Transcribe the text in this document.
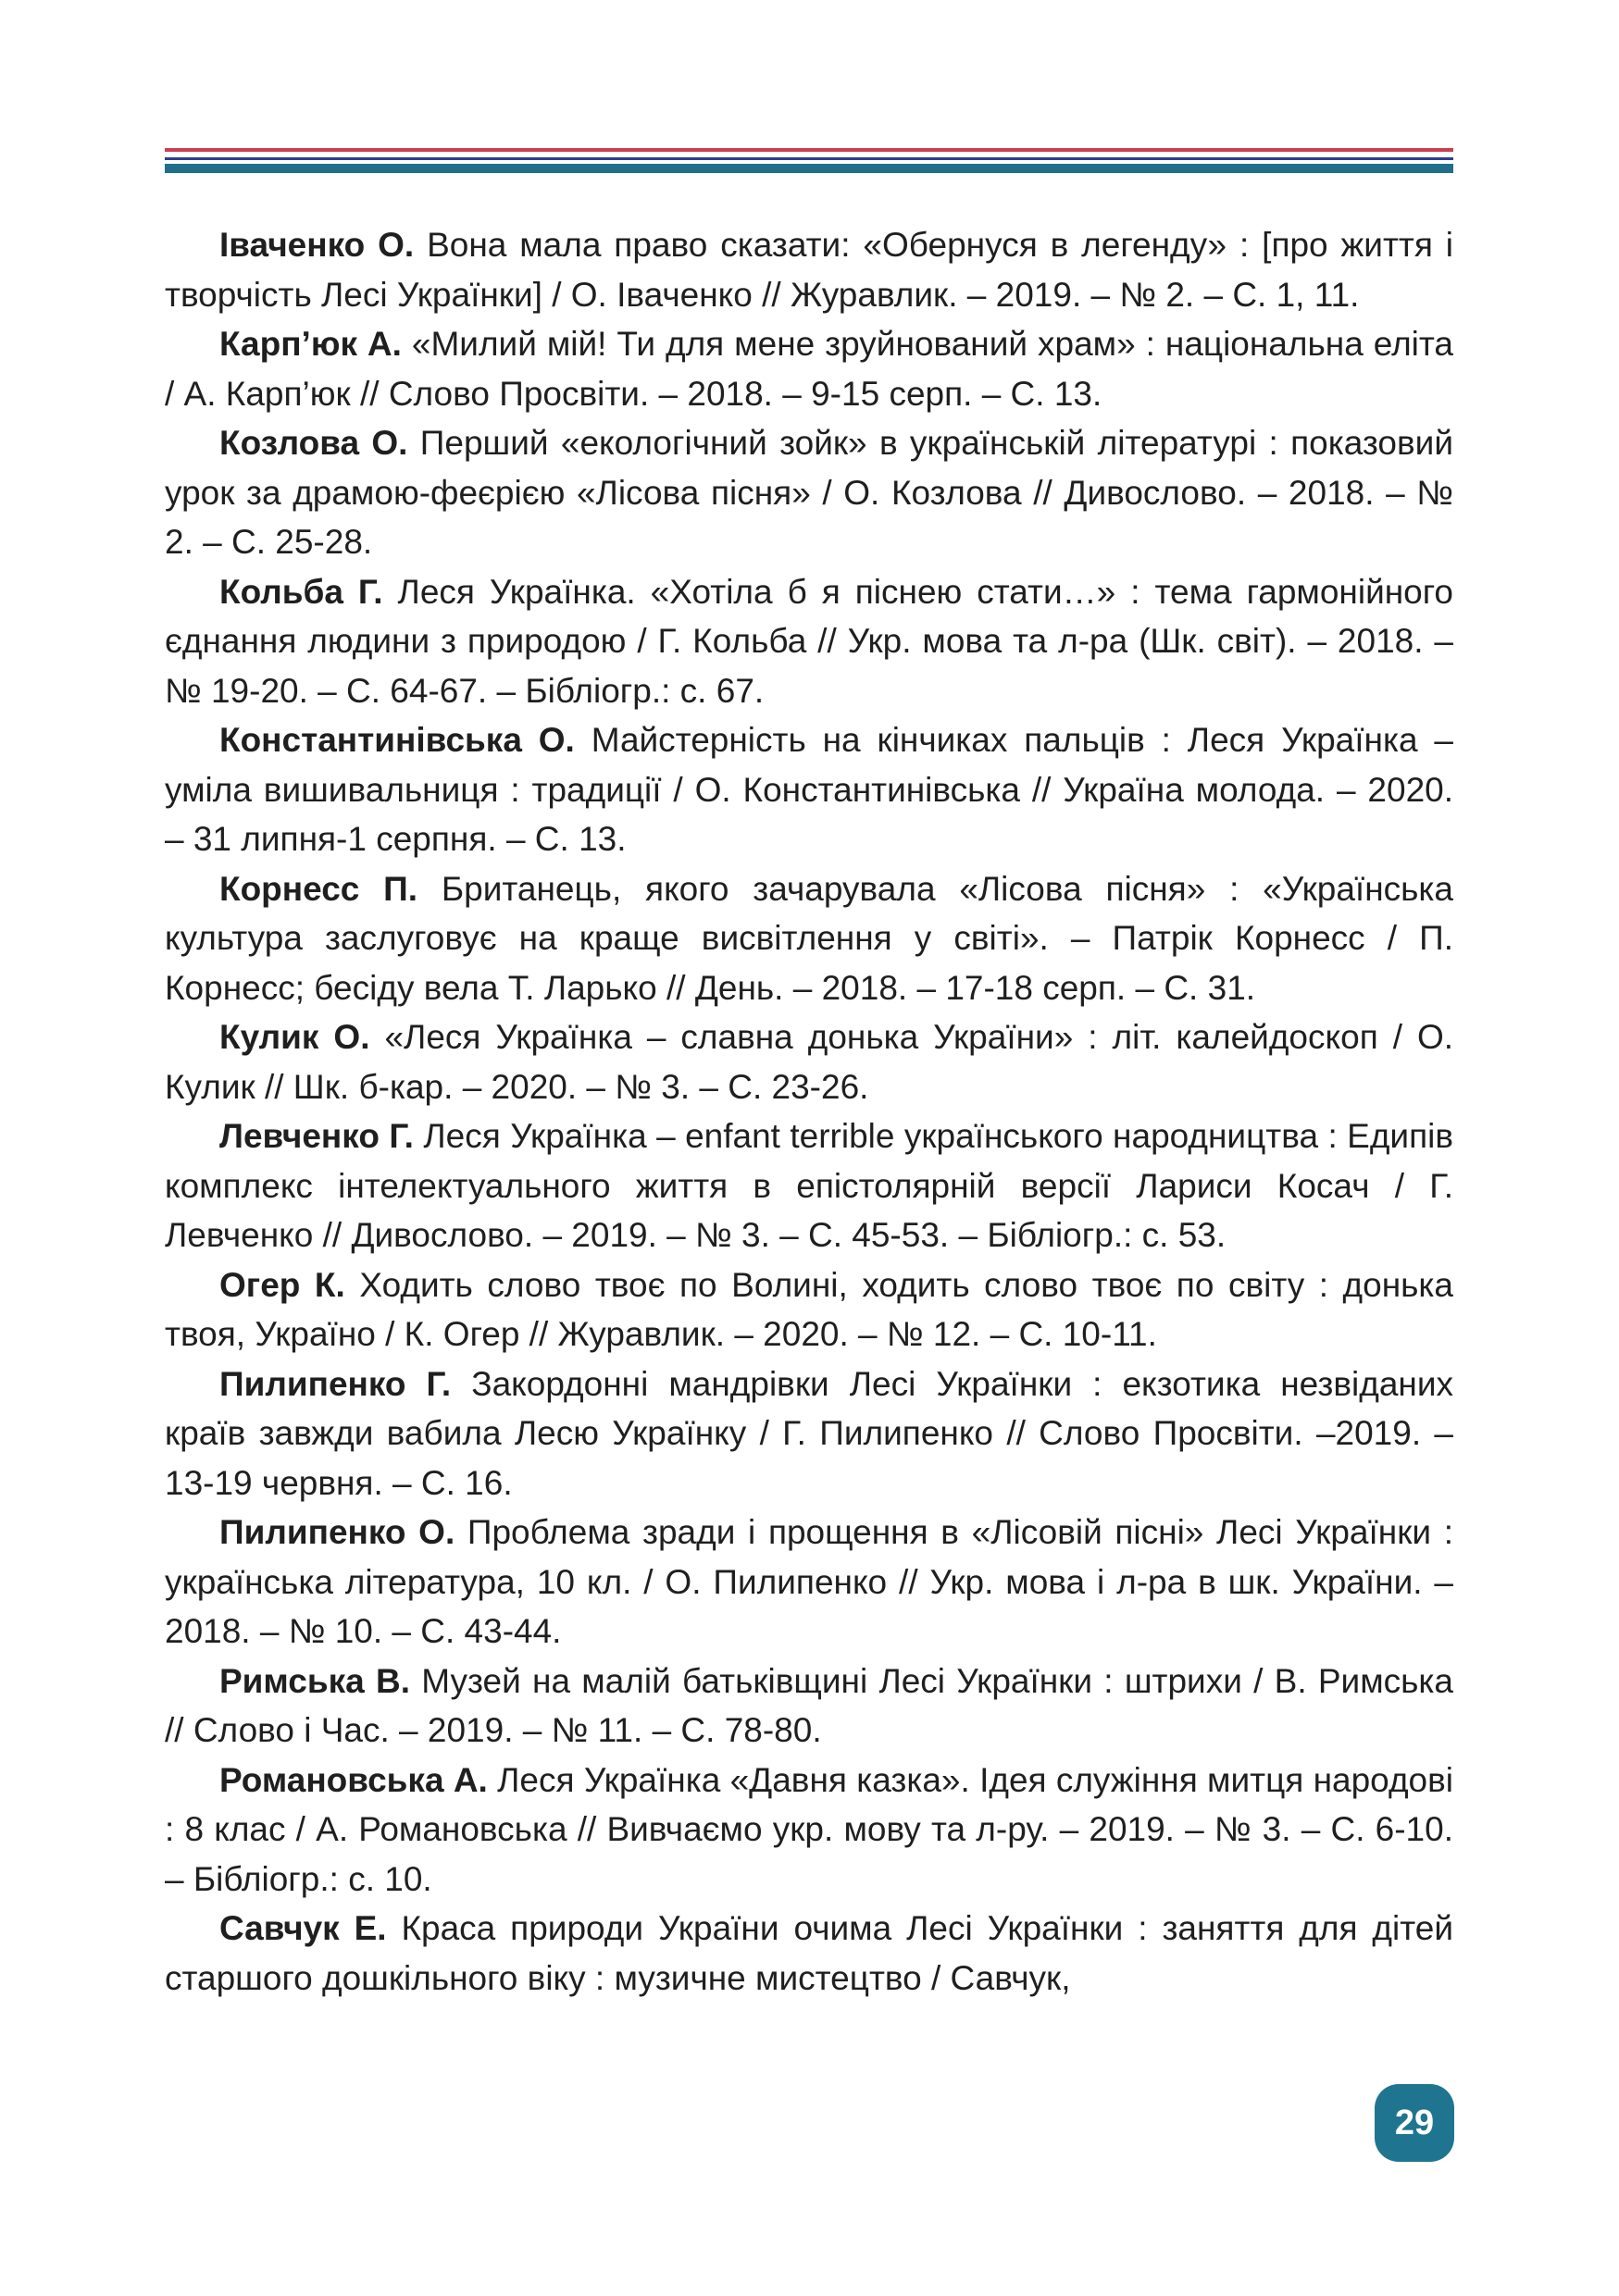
Іваченко О. Вона мала право сказати: «Обернуся в легенду» : [про життя і творчість Лесі Українки] / О. Іваченко // Журавлик. – 2019. – № 2. – С. 1, 11.

Карп’юк А. «Милий мій! Ти для мене зруйнований храм» : національна еліта / А. Карп’юк // Слово Просвіти. – 2018. – 9-15 серп. – С. 13.

Козлова О. Перший «екологічний зойк» в українській літературі : показовий урок за драмою-феєрією «Лісова пісня» / О. Козлова // Дивослово. – 2018. – № 2. – С. 25-28.

Кольба Г. Леся Українка. «Хотіла б я піснею стати…» : тема гармонійного єднання людини з природою / Г. Кольба // Укр. мова та л-ра (Шк. світ). – 2018. – № 19-20. – С. 64-67. – Бібліогр.: с. 67.

Константинівська О. Майстерність на кінчиках пальців : Леся Українка – уміла вишивальниця : традиції / О. Константинівська // Україна молода. – 2020. – 31 липня-1 серпня. – С. 13.

Корнесс П. Британець, якого зачарувала «Лісова пісня» : «Українська культура заслуговує на краще висвітлення у світі». – Патрік Корнесс / П. Корнесс; бесіду вела Т. Ларько // День. – 2018. – 17-18 серп. – С. 31.

Кулик О. «Леся Українка – славна донька України» : літ. калейдоскоп / О. Кулик // Шк. б-кар. – 2020. – № 3. – С. 23-26.

Левченко Г. Леся Українка – enfant terrible українського народництва : Едипів комплекс інтелектуального життя в епістолярній версії Лариси Косач / Г. Левченко // Дивослово. – 2019. – № 3. – С. 45-53. – Бібліогр.: с. 53.

Огер К. Ходить слово твоє по Волині, ходить слово твоє по світу : донька твоя, Україно / К. Огер // Журавлик. – 2020. – № 12. – С. 10-11.

Пилипенко Г. Закордонні мандрівки Лесі Українки : екзотика незвіданих країв завжди вабила Лесю Українку / Г. Пилипенко // Слово Просвіти. –2019. – 13-19 червня. – С. 16.

Пилипенко О. Проблема зради і прощення в «Лісовій пісні» Лесі Українки : українська література, 10 кл. / О. Пилипенко // Укр. мова і л-ра в шк. України. – 2018. – № 10. – С. 43-44.

Римська В. Музей на малій батьківщині Лесі Українки : штрихи / В. Римська // Слово і Час. – 2019. – № 11. – С. 78-80.

Романовська А. Леся Українка «Давня казка». Ідея служіння митця народові : 8 клас / А. Романовська // Вивчаємо укр. мову та л-ру. – 2019. – № 3. – С. 6-10. – Бібліогр.: с. 10.

Савчук Е. Краса природи України очима Лесі Українки : заняття для дітей старшого дошкільного віку : музичне мистецтво / Савчук,

29
